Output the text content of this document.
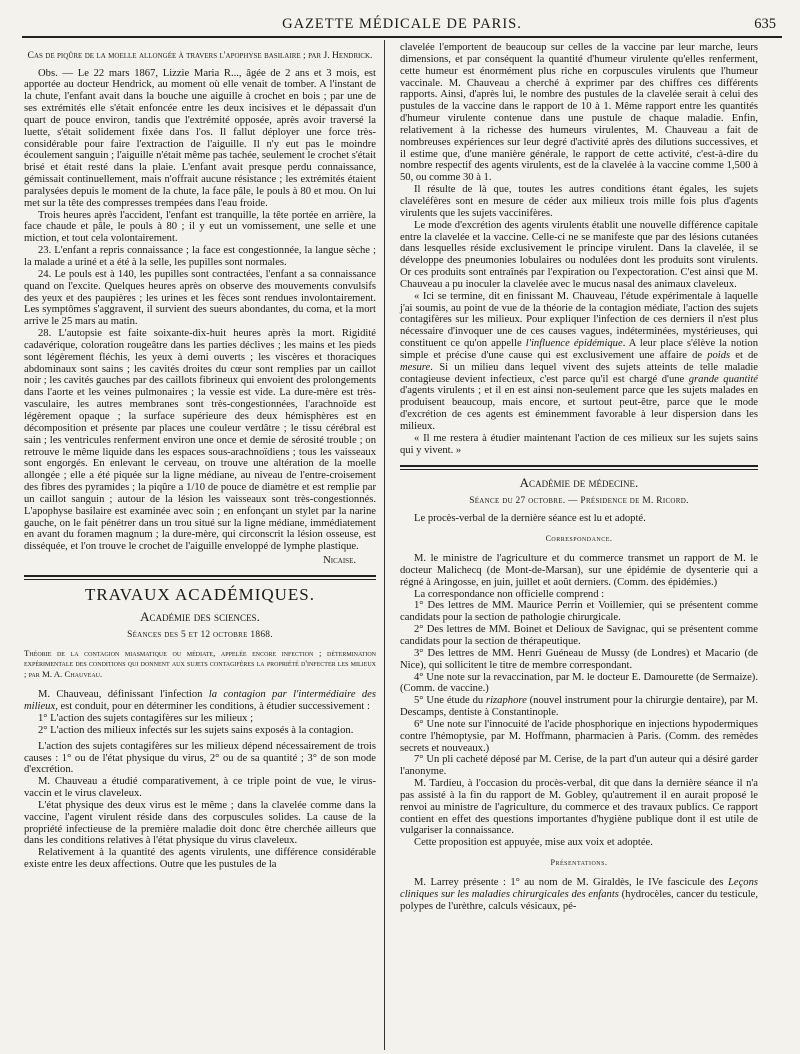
GAZETTE MÉDICALE DE PARIS.	635

Cas de piqûre de la moelle allongée à travers l'apophyse basilaire ; par J. Hendrick.

Obs. — Le 22 mars 1867, Lizzie Maria R..., âgée de 2 ans et 3 mois, est apportée au docteur Hendrick, au moment où elle venait de tomber. A l'instant de la chute, l'enfant avait dans la bouche une aiguille à crochet en bois ; par une de ses extrémités elle s'était enfoncée entre les deux incisives et le dépassait d'un quart de pouce environ, tandis que l'extrémité opposée, après avoir traversé la luette, s'était solidement fixée dans l'os. Il fallut déployer une force très-considérable pour faire l'extraction de l'aiguille. Il n'y eut pas le moindre écoulement sanguin ; l'aiguille n'était même pas tachée, seulement le crochet s'était brisé et était resté dans la plaie. L'enfant avait presque perdu connaissance, gémissait continuellement, mais n'offrait aucune résistance ; les extrémités étaient paralysées depuis le moment de la chute, la face pâle, le pouls à 80 et mou. On lui met sur la tête des compresses trempées dans l'eau froide.

Trois heures après l'accident, l'enfant est tranquille, la tête portée en arrière, la face chaude et pâle, le pouls à 80 ; il y eut un vomissement, une selle et une miction, et tout cela volontairement.

23. L'enfant a repris connaissance ; la face est congestionnée, la langue sèche ; la malade a uriné et a été à la selle, les pupilles sont normales.

24. Le pouls est à 140, les pupilles sont contractées, l'enfant a sa connaissance quand on l'excite. Quelques heures après on observe des mouvements convulsifs des yeux et des paupières ; les urines et les fèces sont rendues involontairement. Les symptômes s'aggravent, il survient des sueurs abondantes, du coma, et la mort arrive le 25 mars au matin.

28. L'autopsie est faite soixante-dix-huit heures après la mort. Rigidité cadavérique, coloration rougeâtre dans les parties déclives ; les mains et les pieds sont légèrement fléchis, les yeux à demi ouverts ; les viscères et thoraciques abdominaux sont sains ; les cavités droites du cœur sont remplies par un caillot noir ; les cavités gauches par des caillots fibrineux qui envoient des prolongements dans l'aorte et les veines pulmonaires ; la vessie est vide. La dure-mère est très-vasculaire, les autres membranes sont très-congestionnées, l'arachnoïde est légèrement opaque ; la surface supérieure des deux hémisphères est en décomposition et présente par places une couleur verdâtre ; le tissu cérébral est sain ; les ventricules renferment environ une once et demie de sérosité trouble ; on retrouve le même liquide dans les espaces sous-arachnoïdiens ; tous les vaisseaux sont engorgés. En enlevant le cerveau, on trouve une altération de la moelle allongée ; elle a été piquée sur la ligne médiane, au niveau de l'entre-croisement des fibres des pyramides ; la piqûre a 1/10 de pouce de diamètre et est remplie par un caillot sanguin ; autour de la lésion les vaisseaux sont très-congestionnés. L'apophyse basilaire est examinée avec soin ; en enfonçant un stylet par la narine gauche, on le fait pénétrer dans un trou situé sur la ligne médiane, immédiatement en avant du foramen magnum ; la dure-mère, qui circonscrit la lésion osseuse, est disséquée, et l'on trouve le crochet de l'aiguille enveloppé de lymphe plastique.

Nicaise.

TRAVAUX ACADÉMIQUES.

Académie des sciences.

Séances des 5 et 12 octobre 1868.

Théorie de la contagion miasmatique ou médiate, appelée encore infection ; détermination expérimentale des conditions qui donnent aux sujets contagifères la propriété d'infecter les milieux ; par M. A. Chauveau.

M. Chauveau, définissant l'infection la contagion par l'intermédiaire des milieux, est conduit, pour en déterminer les conditions, à étudier successivement :

1° L'action des sujets contagifères sur les milieux ;

2° L'action des milieux infectés sur les sujets sains exposés à la contagion.

L'action des sujets contagifères sur les milieux dépend nécessairement de trois causes : 1° ou de l'état physique du virus, 2° ou de sa quantité ; 3° de son mode d'excrétion.

M. Chauveau a étudié comparativement, à ce triple point de vue, le virus-vaccin et le virus claveleux.

L'état physique des deux virus est le même ; dans la clavelée comme dans la vaccine, l'agent virulent réside dans des corpuscules solides. La cause de la propriété infectieuse de la première maladie doit donc être cherchée ailleurs que dans les conditions relatives à l'état physique du virus claveleux.

Relativement à la quantité des agents virulents, une différence considérable existe entre les deux affections. Outre que les pustules de la

clavelée l'emportent de beaucoup sur celles de la vaccine par leur marche, leurs dimensions, et par conséquent la quantité d'humeur virulente qu'elles renferment, cette humeur est énormément plus riche en corpuscules virulents que l'humeur vaccinale. M. Chauveau a cherché à exprimer par des chiffres ces différents rapports. Ainsi, d'après lui, le nombre des pustules de la clavelée serait à celui des pustules de la vaccine dans le rapport de 10 à 1. Même rapport entre les quantités d'humeur virulente contenue dans une pustule de chaque maladie. Enfin, relativement à la richesse des humeurs virulentes, M. Chauveau a fait de nombreuses expériences sur leur degré d'activité après des dilutions successives, et il estime que, d'une manière générale, le rapport de cette activité, c'est-à-dire du nombre respectif des agents virulents, est de la clavelée à la vaccine comme 1,500 à 50, ou comme 30 à 1.

Il résulte de là que, toutes les autres conditions étant égales, les sujets claveléfères sont en mesure de céder aux milieux trois mille fois plus d'agents virulents que les sujets vaccinifères.

Le mode d'excrétion des agents virulents établit une nouvelle différence capitale entre la clavelée et la vaccine. Celle-ci ne se manifeste que par des lésions cutanées dans lesquelles réside exclusivement le principe virulent. Dans la clavelée, il se développe des pneumonies lobulaires ou nodulées dont les produits sont virulents. Or ces produits sont entraînés par l'expiration ou l'expectoration. C'est ainsi que M. Chauveau a pu inoculer la clavelée avec le mucus nasal des animaux claveleux.

« Ici se termine, dit en finissant M. Chauveau, l'étude expérimentale à laquelle j'ai soumis, au point de vue de la théorie de la contagion médiate, l'action des sujets contagifères sur les milieux. Pour expliquer l'infection de ces derniers il n'est plus nécessaire d'invoquer une de ces causes vagues, indéterminées, mystérieuses, qui constituent ce qu'on appelle l'influence épidémique. A leur place s'élève la notion simple et précise d'une cause qui est exclusivement une affaire de poids et de mesure. Si un milieu dans lequel vivent des sujets atteints de telle maladie contagieuse devient infectieux, c'est parce qu'il est chargé d'une grande quantité d'agents virulents ; et il en est ainsi non-seulement parce que les sujets malades en produisent beaucoup, mais encore, et surtout peut-être, parce que le mode d'excrétion de ces agents est éminemment favorable à leur dispersion dans les milieux.

« Il me restera à étudier maintenant l'action de ces milieux sur les sujets sains qui y vivent. »

Académie de médecine.

Séance du 27 octobre. — Présidence de M. Ricord.

Le procès-verbal de la dernière séance est lu et adopté.

Correspondance.

M. le ministre de l'agriculture et du commerce transmet un rapport de M. le docteur Malichecq (de Mont-de-Marsan), sur une épidémie de dysenterie qui a régné à Aringosse, en juin, juillet et août derniers. (Comm. des épidémies.)

La correspondance non officielle comprend :

1° Des lettres de MM. Maurice Perrin et Voillemier, qui se présentent comme candidats pour la section de pathologie chirurgicale.

2° Des lettres de MM. Boinet et Delioux de Savignac, qui se présentent comme candidats pour la section de thérapeutique.

3° Des lettres de MM. Henri Guéneau de Mussy (de Londres) et Macario (de Nice), qui sollicitent le titre de membre correspondant.

4° Une note sur la revaccination, par M. le docteur E. Damourette (de Sermaize). (Comm. de vaccine.)

5° Une étude du rizaphore (nouvel instrument pour la chirurgie dentaire), par M. Descamps, dentiste à Constantinople.

6° Une note sur l'innocuité de l'acide phosphorique en injections hypodermiques contre l'hémoptysie, par M. Hoffmann, pharmacien à Paris. (Comm. des remèdes secrets et nouveaux.)

7° Un pli cacheté déposé par M. Cerise, de la part d'un auteur qui a désiré garder l'anonyme.

M. Tardieu, à l'occasion du procès-verbal, dit que dans la dernière séance il n'a pas assisté à la fin du rapport de M. Gobley, qu'autrement il en aurait proposé le renvoi au ministre de l'agriculture, du commerce et des travaux publics. Ce rapport contient en effet des questions importantes d'hygiène publique dont il est utile de vulgariser la connaissance.

Cette proposition est appuyée, mise aux voix et adoptée.

Présentations.

M. Larrey présente : 1° au nom de M. Giraldès, le IVe fascicule des Leçons cliniques sur les maladies chirurgicales des enfants (hydrocèles, cancer du testicule, polypes de l'urèthre, calculs vésicaux, pé-
